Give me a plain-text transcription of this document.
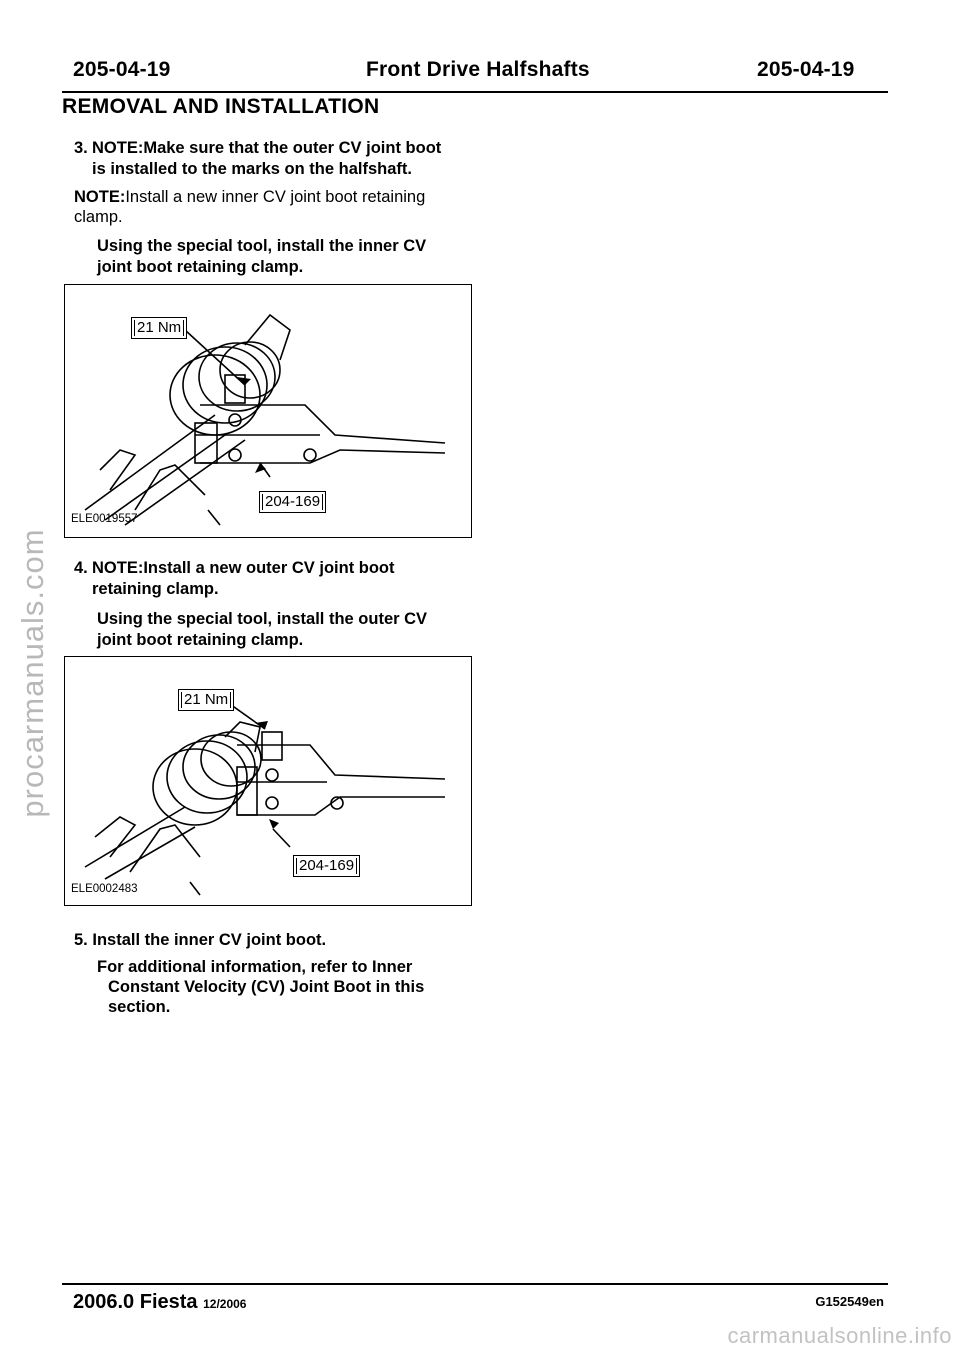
205-04-19	Front Drive Halfshafts	205-04-19
REMOVAL AND INSTALLATION
3. NOTE:Make sure that the outer CV joint boot
is installed to the marks on the halfshaft.
NOTE:Install a new inner CV joint boot retaining
clamp.
Using the special tool, install the inner CV
joint boot retaining clamp.
21 Nm
204-169
ELE0019557
4. NOTE:Install a new outer CV joint boot
retaining clamp.
Using the special tool, install the outer CV
joint boot retaining clamp.
21 Nm
204-169
ELE0002483
5. Install the inner CV joint boot.
For additional information, refer to Inner
Constant Velocity (CV) Joint Boot in this
section.
procarmanuals.com
2006.0 Fiesta 12/2006	G152549en
carmanualsonline.info
